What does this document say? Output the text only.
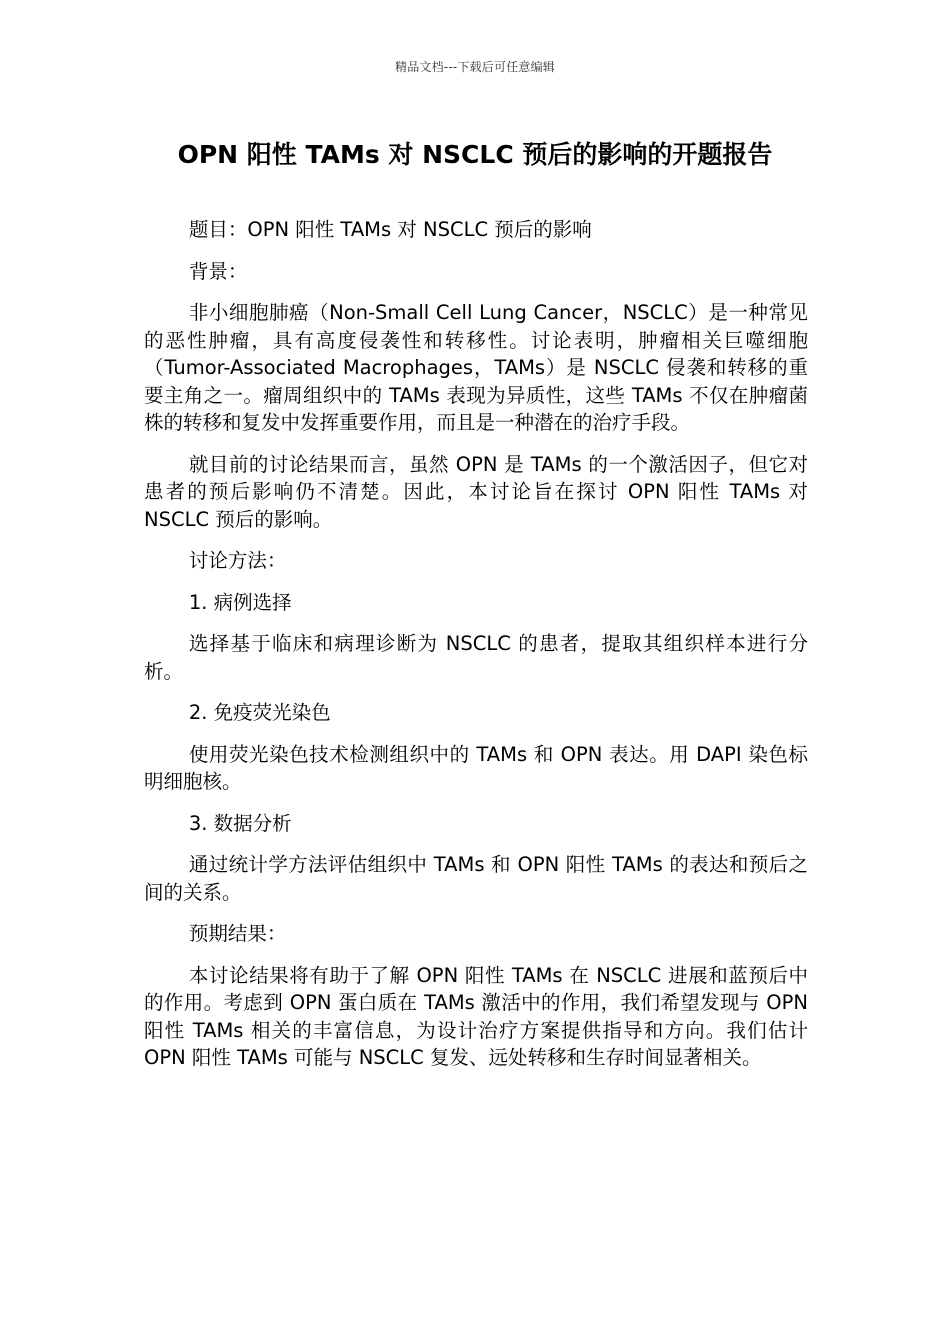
精品文档---下载后可任意编辑
OPN 阳性 TAMs 对 NSCLC 预后的影响的开题报告

题目：OPN 阳性 TAMs 对 NSCLC 预后的影响

背景：

非小细胞肺癌（Non-Small Cell Lung Cancer，NSCLC）是一种常见的恶性肿瘤，具有高度侵袭性和转移性。讨论表明，肿瘤相关巨噬细胞（Tumor-Associated Macrophages，TAMs）是 NSCLC 侵袭和转移的重要主角之一。瘤周组织中的 TAMs 表现为异质性，这些 TAMs 不仅在肿瘤菌株的转移和复发中发挥重要作用，而且是一种潜在的治疗手段。

就目前的讨论结果而言，虽然 OPN 是 TAMs 的一个激活因子，但它对患者的预后影响仍不清楚。因此，本讨论旨在探讨 OPN 阳性 TAMs 对 NSCLC 预后的影响。

讨论方法：

1. 病例选择

选择基于临床和病理诊断为 NSCLC 的患者，提取其组织样本进行分析。

2. 免疫荧光染色

使用荧光染色技术检测组织中的 TAMs 和 OPN 表达。用 DAPI 染色标明细胞核。

3. 数据分析

通过统计学方法评估组织中 TAMs 和 OPN 阳性 TAMs 的表达和预后之间的关系。

预期结果：

本讨论结果将有助于了解 OPN 阳性 TAMs 在 NSCLC 进展和蓝预后中的作用。考虑到 OPN 蛋白质在 TAMs 激活中的作用，我们希望发现与 OPN 阳性 TAMs 相关的丰富信息，为设计治疗方案提供指导和方向。我们估计 OPN 阳性 TAMs 可能与 NSCLC 复发、远处转移和生存时间显著相关。
